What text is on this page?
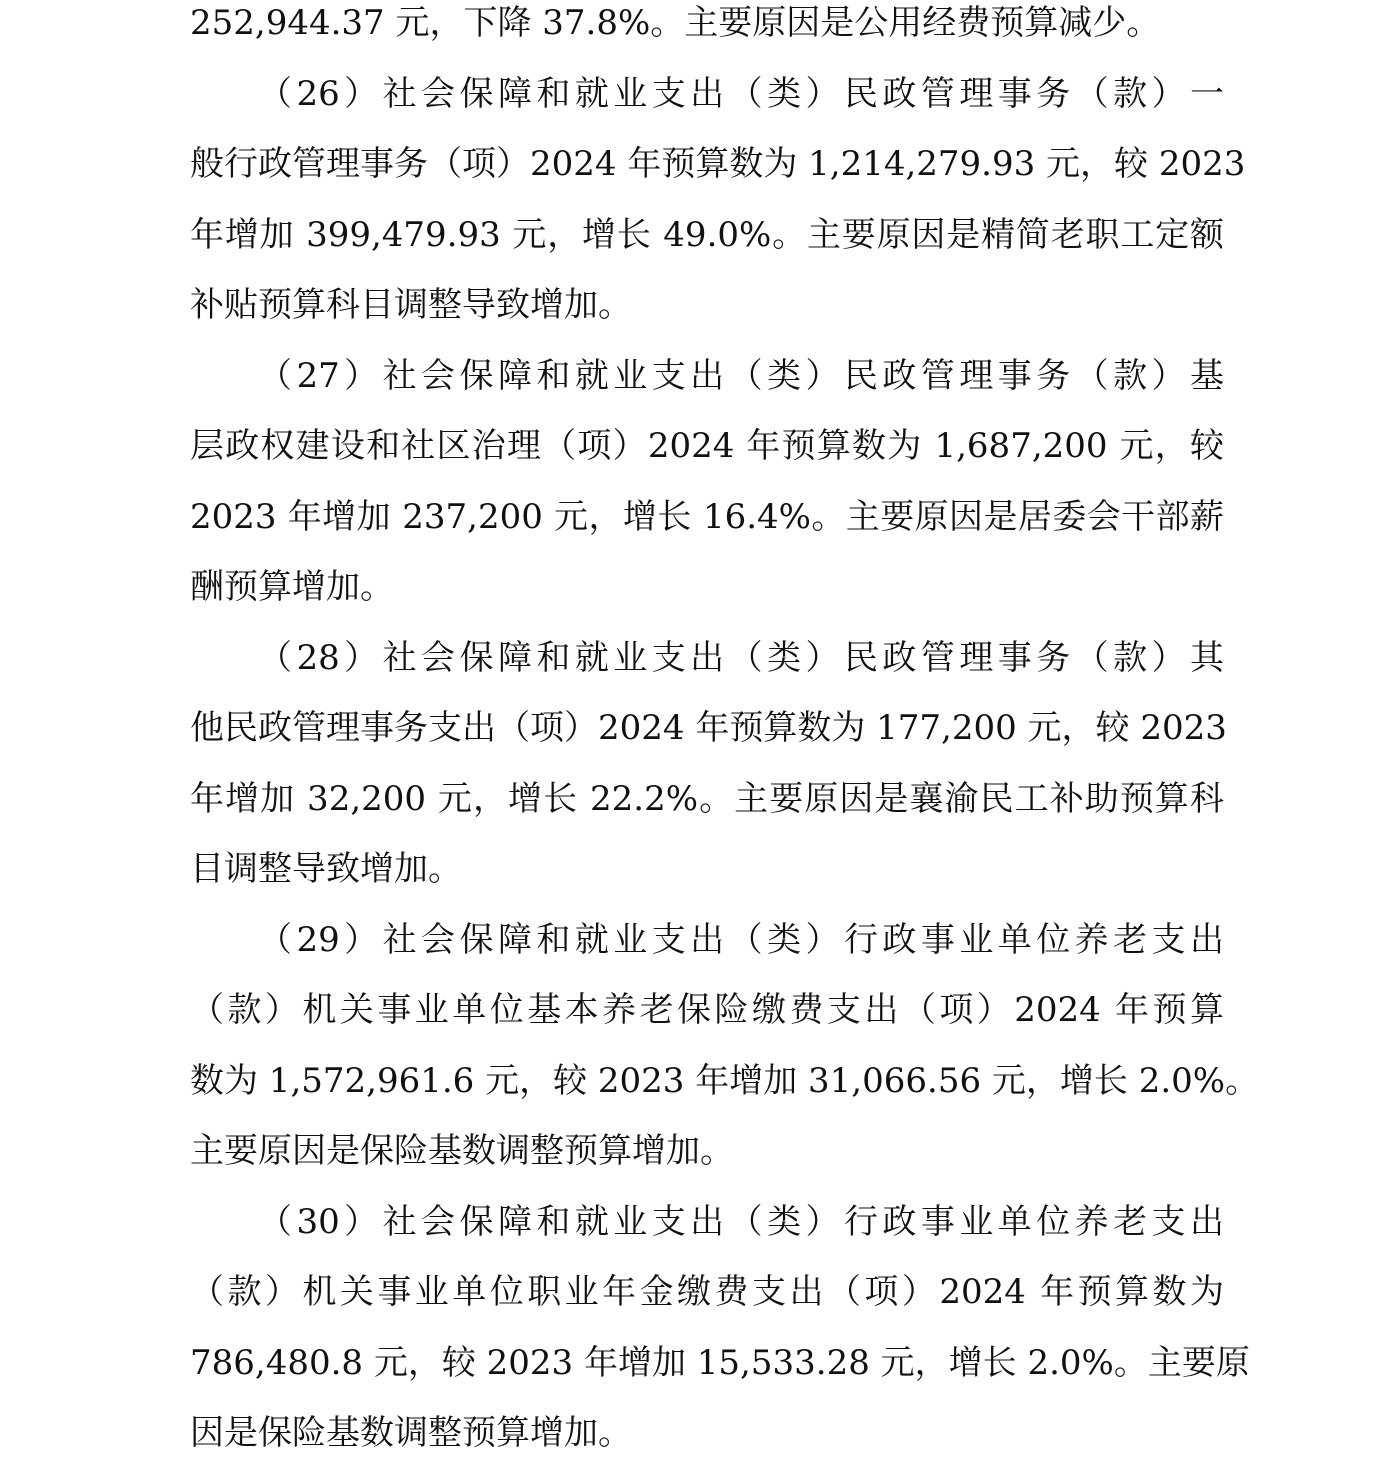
252,944.37 元，下降 37.8%。主要原因是公用经费预算减少。
（26）社会保障和就业支出（类）民政管理事务（款）一
般行政管理事务（项）2024 年预算数为 1,214,279.93 元，较 2023
年增加 399,479.93 元，增长 49.0%。主要原因是精简老职工定额
补贴预算科目调整导致增加。
（27）社会保障和就业支出（类）民政管理事务（款）基
层政权建设和社区治理（项）2024 年预算数为 1,687,200 元，较
2023 年增加 237,200 元，增长 16.4%。主要原因是居委会干部薪
酬预算增加。
（28）社会保障和就业支出（类）民政管理事务（款）其
他民政管理事务支出（项）2024 年预算数为 177,200 元，较 2023
年增加 32,200 元，增长 22.2%。主要原因是襄渝民工补助预算科
目调整导致增加。
（29）社会保障和就业支出（类）行政事业单位养老支出
（款）机关事业单位基本养老保险缴费支出（项）2024 年预算
数为 1,572,961.6 元，较 2023 年增加 31,066.56 元，增长 2.0%。
主要原因是保险基数调整预算增加。
（30）社会保障和就业支出（类）行政事业单位养老支出
（款）机关事业单位职业年金缴费支出（项）2024 年预算数为
786,480.8 元，较 2023 年增加 15,533.28 元，增长 2.0%。主要原
因是保险基数调整预算增加。
